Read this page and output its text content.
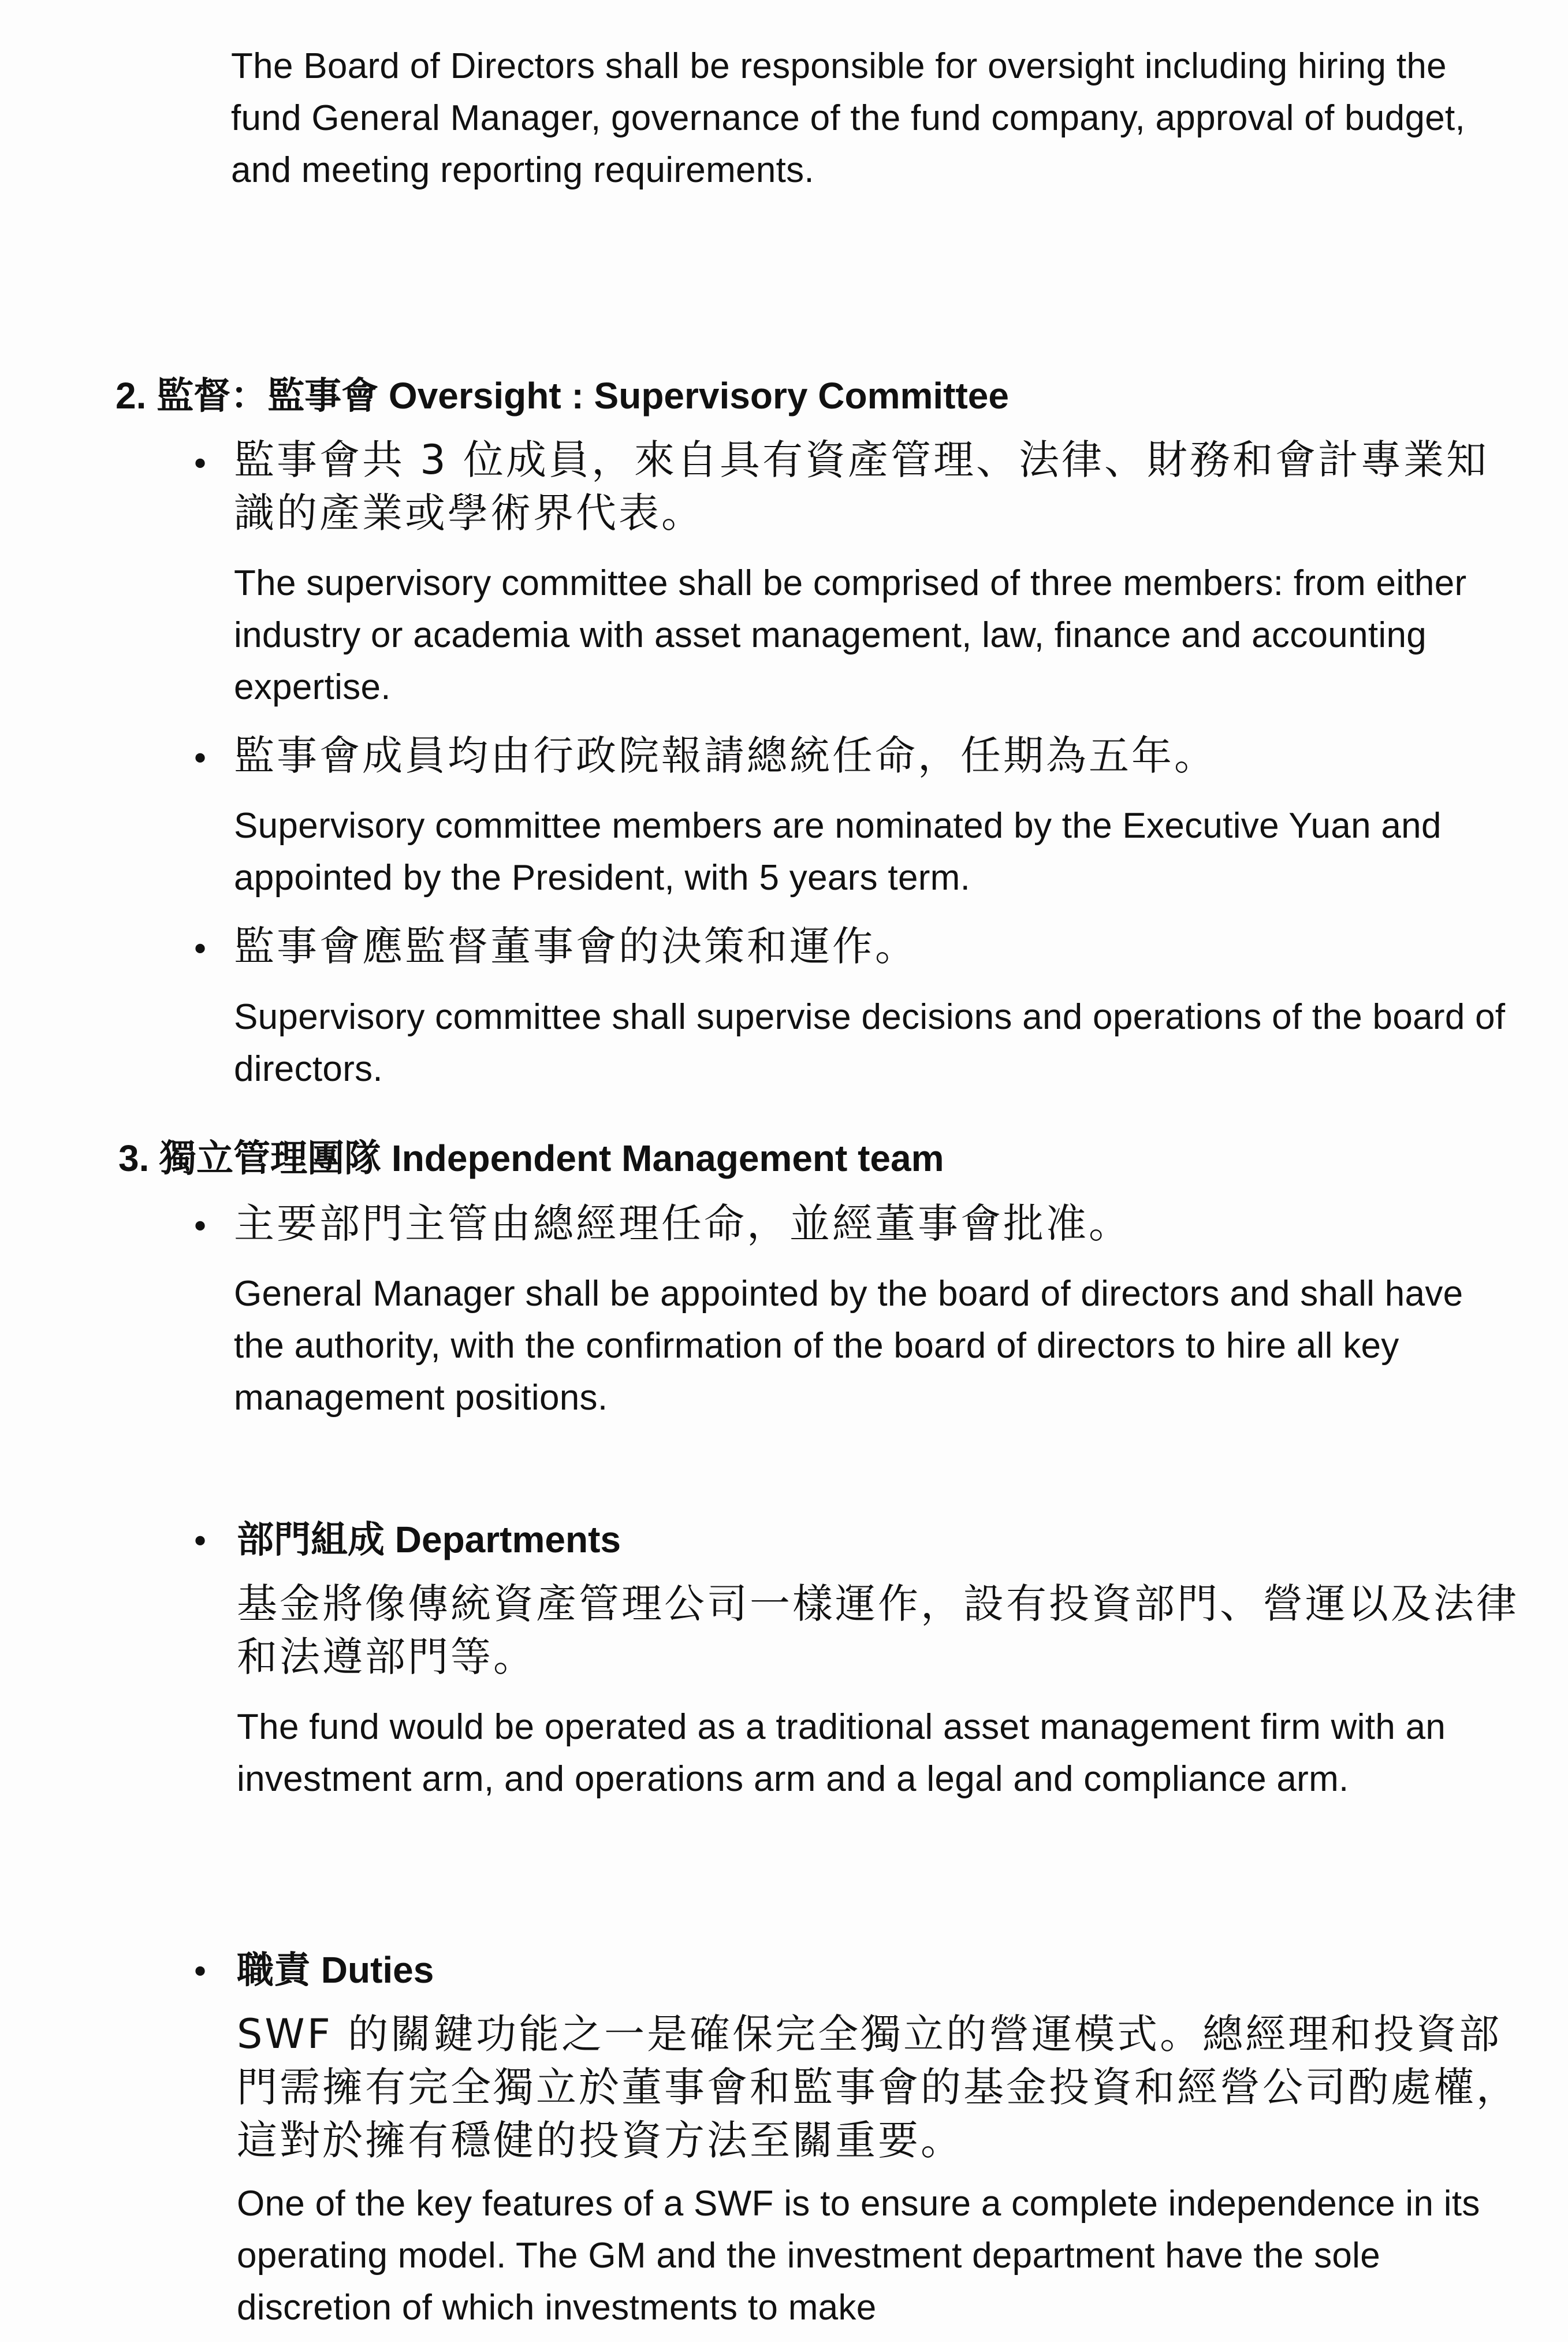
The Board of Directors shall be responsible for oversight including hiring the fund General Manager, governance of the fund company, approval of budget, and meeting reporting requirements.

2. 監督：監事會 Oversight : Supervisory Committee
• 監事會共 3 位成員，來自具有資產管理、法律、財務和會計專業知識的產業或學術界代表。

The supervisory committee shall be comprised of three members: from either industry or academia with asset management, law, finance and accounting expertise.

• 監事會成員均由行政院報請總統任命，任期為五年。

Supervisory committee members are nominated by the Executive Yuan and appointed by the President, with 5 years term.

• 監事會應監督董事會的決策和運作。

Supervisory committee shall supervise decisions and operations of the board of directors.

3. 獨立管理團隊 Independent Management team
• 主要部門主管由總經理任命，並經董事會批准。

General Manager shall be appointed by the board of directors and shall have the authority, with the confirmation of the board of directors to hire all key management positions.

• 部門組成 Departments

基金將像傳統資產管理公司一樣運作，設有投資部門、營運以及法律和法遵部門等。

The fund would be operated as a traditional asset management firm with an investment arm, and operations arm and a legal and compliance arm.

• 職責 Duties

SWF 的關鍵功能之一是確保完全獨立的營運模式。總經理和投資部門需擁有完全獨立於董事會和監事會的基金投資和經營公司酌處權，這對於擁有穩健的投資方法至關重要。

One of the key features of a SWF is to ensure a complete independence in its operating model. The GM and the investment department have the sole discretion of which investments to make
